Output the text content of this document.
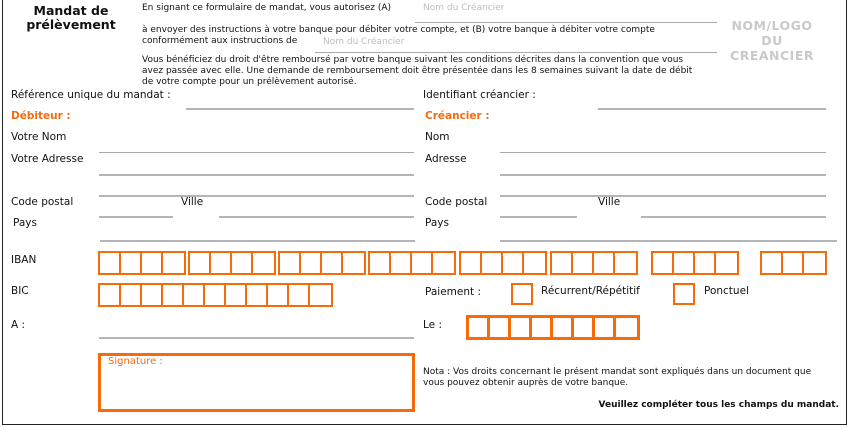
Mandat de
prélèvement
En signant ce formulaire de mandat, vous autorisez (A)	Nom du Créancier
à envoyer des instructions à votre banque pour débiter votre compte, et (B) votre banque à débiter votre compte
conformément aux instructions de	Nom du Créancier
Vous bénéficiez du droit d'être remboursé par votre banque suivant les conditions décrites dans la convention que vous
avez passée avec elle. Une demande de remboursement doit être présentée dans les 8 semaines suivant la date de débit
de votre compte pour un prélèvement autorisé.
NOM/LOGO
DU
CREANCIER
Référence unique du mandat :	Identifiant créancier :
Débiteur :
Votre Nom
Votre Adresse
Code postal	Ville
Pays
Créancier :
Nom
Adresse
Code postal	Ville
Pays
IBAN
BIC	Paiement :	Récurrent/Répétitif	Ponctuel
A :	Le :
Signature :
Nota : Vos droits concernant le présent mandat sont expliqués dans un document que
vous pouvez obtenir auprès de votre banque.
Veuillez compléter tous les champs du mandat.
